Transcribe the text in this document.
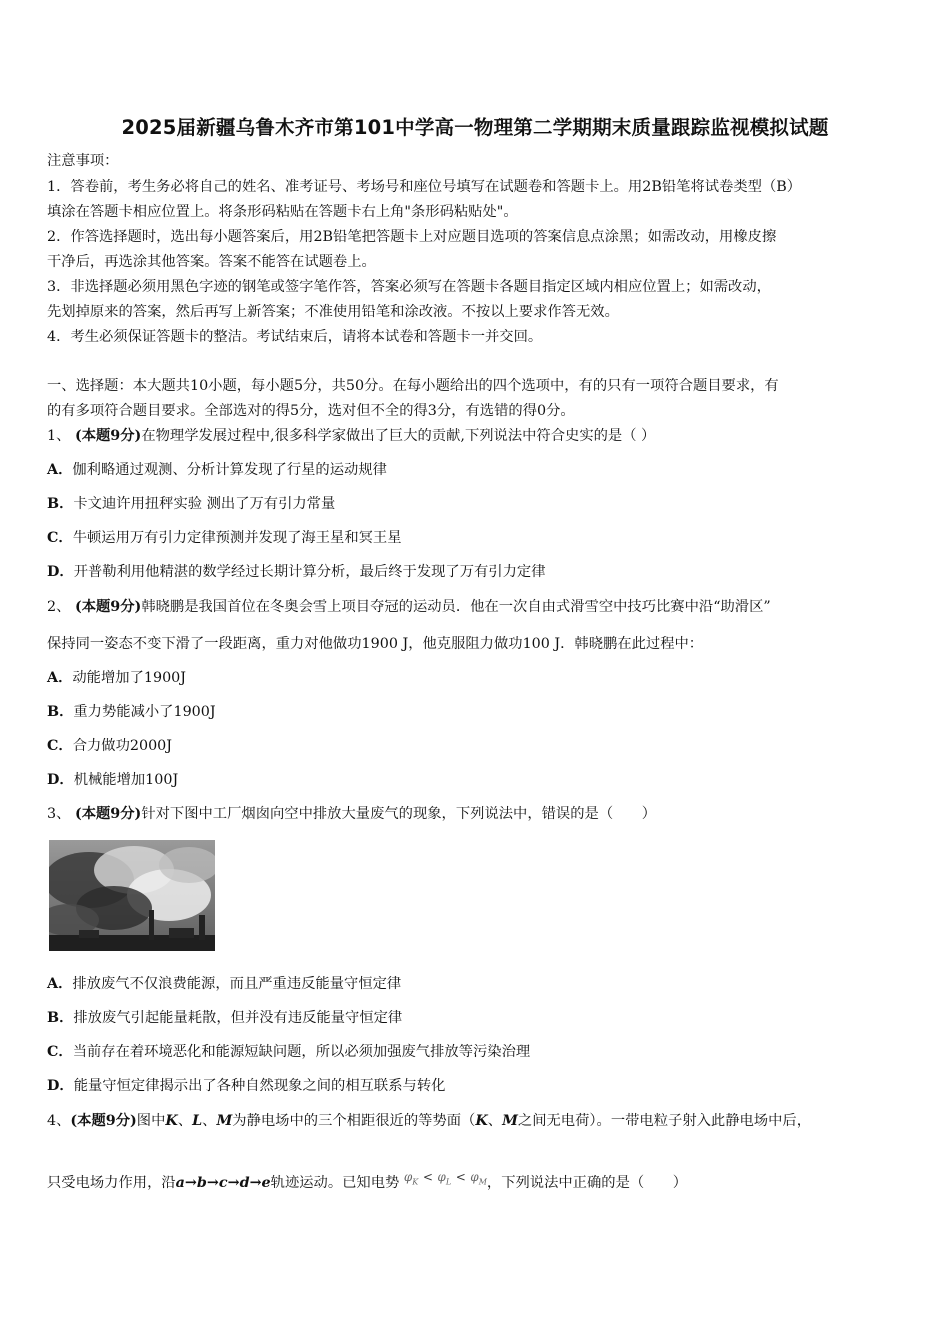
2025届新疆乌鲁木齐市第101中学高一物理第二学期期末质量跟踪监视模拟试题
注意事项：
1．答卷前，考生务必将自己的姓名、准考证号、考场号和座位号填写在试题卷和答题卡上。用2B铅笔将试卷类型（B）
填涂在答题卡相应位置上。将条形码粘贴在答题卡右上角"条形码粘贴处"。
2．作答选择题时，选出每小题答案后，用2B铅笔把答题卡上对应题目选项的答案信息点涂黑；如需改动，用橡皮擦
干净后，再选涂其他答案。答案不能答在试题卷上。
3．非选择题必须用黑色字迹的钢笔或签字笔作答，答案必须写在答题卡各题目指定区域内相应位置上；如需改动，
先划掉原来的答案，然后再写上新答案；不准使用铅笔和涂改液。不按以上要求作答无效。
4．考生必须保证答题卡的整洁。考试结束后，请将本试卷和答题卡一并交回。
一、选择题：本大题共10小题，每小题5分，共50分。在每小题给出的四个选项中，有的只有一项符合题目要求，有
的有多项符合题目要求。全部选对的得5分，选对但不全的得3分，有选错的得0分。
1、 (本题9分)在物理学发展过程中,很多科学家做出了巨大的贡献,下列说法中符合史实的是（ ）
A．伽利略通过观测、分析计算发现了行星的运动规律
B．卡文迪许用扭秤实验 测出了万有引力常量
C．牛顿运用万有引力定律预测并发现了海王星和冥王星
D．开普勒利用他精湛的数学经过长期计算分析，最后终于发现了万有引力定律
2、 (本题9分)韩晓鹏是我国首位在冬奥会雪上项目夺冠的运动员．他在一次自由式滑雪空中技巧比赛中沿“助滑区”
保持同一姿态不变下滑了一段距离，重力对他做功1900 J，他克服阻力做功100 J．韩晓鹏在此过程中：
A．动能增加了1900J
B．重力势能减小了1900J
C．合力做功2000J
D．机械能增加100J
3、 (本题9分)针对下图中工厂烟囱向空中排放大量废气的现象，下列说法中，错误的是（　　）
A．排放废气不仅浪费能源，而且严重违反能量守恒定律
B．排放废气引起能量耗散，但并没有违反能量守恒定律
C．当前存在着环境恶化和能源短缺问题，所以必须加强废气排放等污染治理
D．能量守恒定律揭示出了各种自然现象之间的相互联系与转化
4、(本题9分)图中K、L、M为静电场中的三个相距很近的等势面（K、M之间无电荷）。一带电粒子射入此静电场中后，
只受电场力作用，沿a→b→c→d→e轨迹运动。已知电势 $^{\varphi_K}$ < $^{\varphi_L}$ < $^{\varphi_M}$，下列说法中正确的是（　　）
